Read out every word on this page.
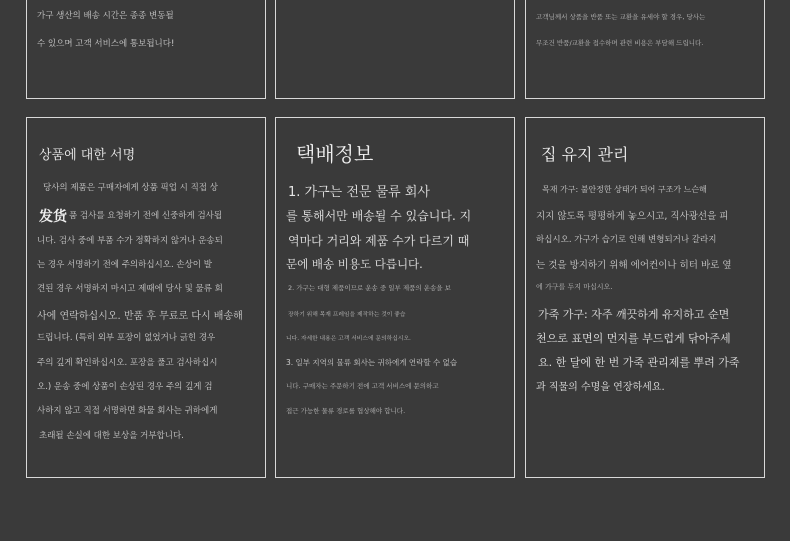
가구 생산의 배송 시간은 종종 변동될

수 있으며 고객 서비스에 통보됩니다!

고객님께서 상품을 반품 또는 교환을 유세야 할 경우, 당사는

무조건 반품/교환을 접수하며 관련 비용은 부담해 드립니다.

상품에 대한 서명

당사의 제품은 구매자에게 상품 픽업 시 직접 상

发货 품 검사를 요청하기 전에 신중하게 검사됩

니다. 검사 중에 부품 수가 정확하지 않거나 운송되

는 경우 서명하기 전에 주의하십시오. 손상이 발

견된 경우 서명하지 마시고 제때에 당사 및 물류 회

사에 연락하십시오. 반품 후 무료로 다시 배송해

드립니다. (특히 외부 포장이 없었거나 긁힌 경우

주의 깊게 확인하십시오. 포장을 풀고 검사하십시

오.) 운송 중에 상품이 손상된 경우 주의 깊게 검

사하지 않고 직접 서명하면 화물 회사는 귀하에게

초래될 손실에 대한 보상을 거부합니다.

택배정보

1. 가구는 전문 물류 회사

를 통해서만 배송될 수 있습니다. 지

역마다 거리와 제품 수가 다르기 때

문에 배송 비용도 다릅니다.

2. 가구는 대형 제품이므로 운송 중 일부 제품의 운송을 보

장하기 위해 목재 프레임을 제작하는 것이 좋습

니다. 자세한 내용은 고객 서비스에 문의하십시오.

3. 일부 지역의 물류 회사는 귀하에게 연락할 수 없습

니다. 구매자는 주문하기 전에 고객 서비스에 문의하고

접근 가능한 물류 경로를 협상해야 합니다.

집 유지 관리

목재 가구: 불안정한 상태가 되어 구조가 느슨해

지지 않도록 평평하게 놓으시고, 직사광선을 피

하십시오. 가구가 습기로 인해 변형되거나 갈라지

는 것을 방지하기 위해 에어컨이나 히터 바로 옆

에 가구를 두지 마십시오.

가죽 가구: 자주 깨끗하게 유지하고 순면

천으로 표면의 먼지를 부드럽게 닦아주세

요. 한 달에 한 번 가죽 관리제를 뿌려 가죽

과 직물의 수명을 연장하세요.
